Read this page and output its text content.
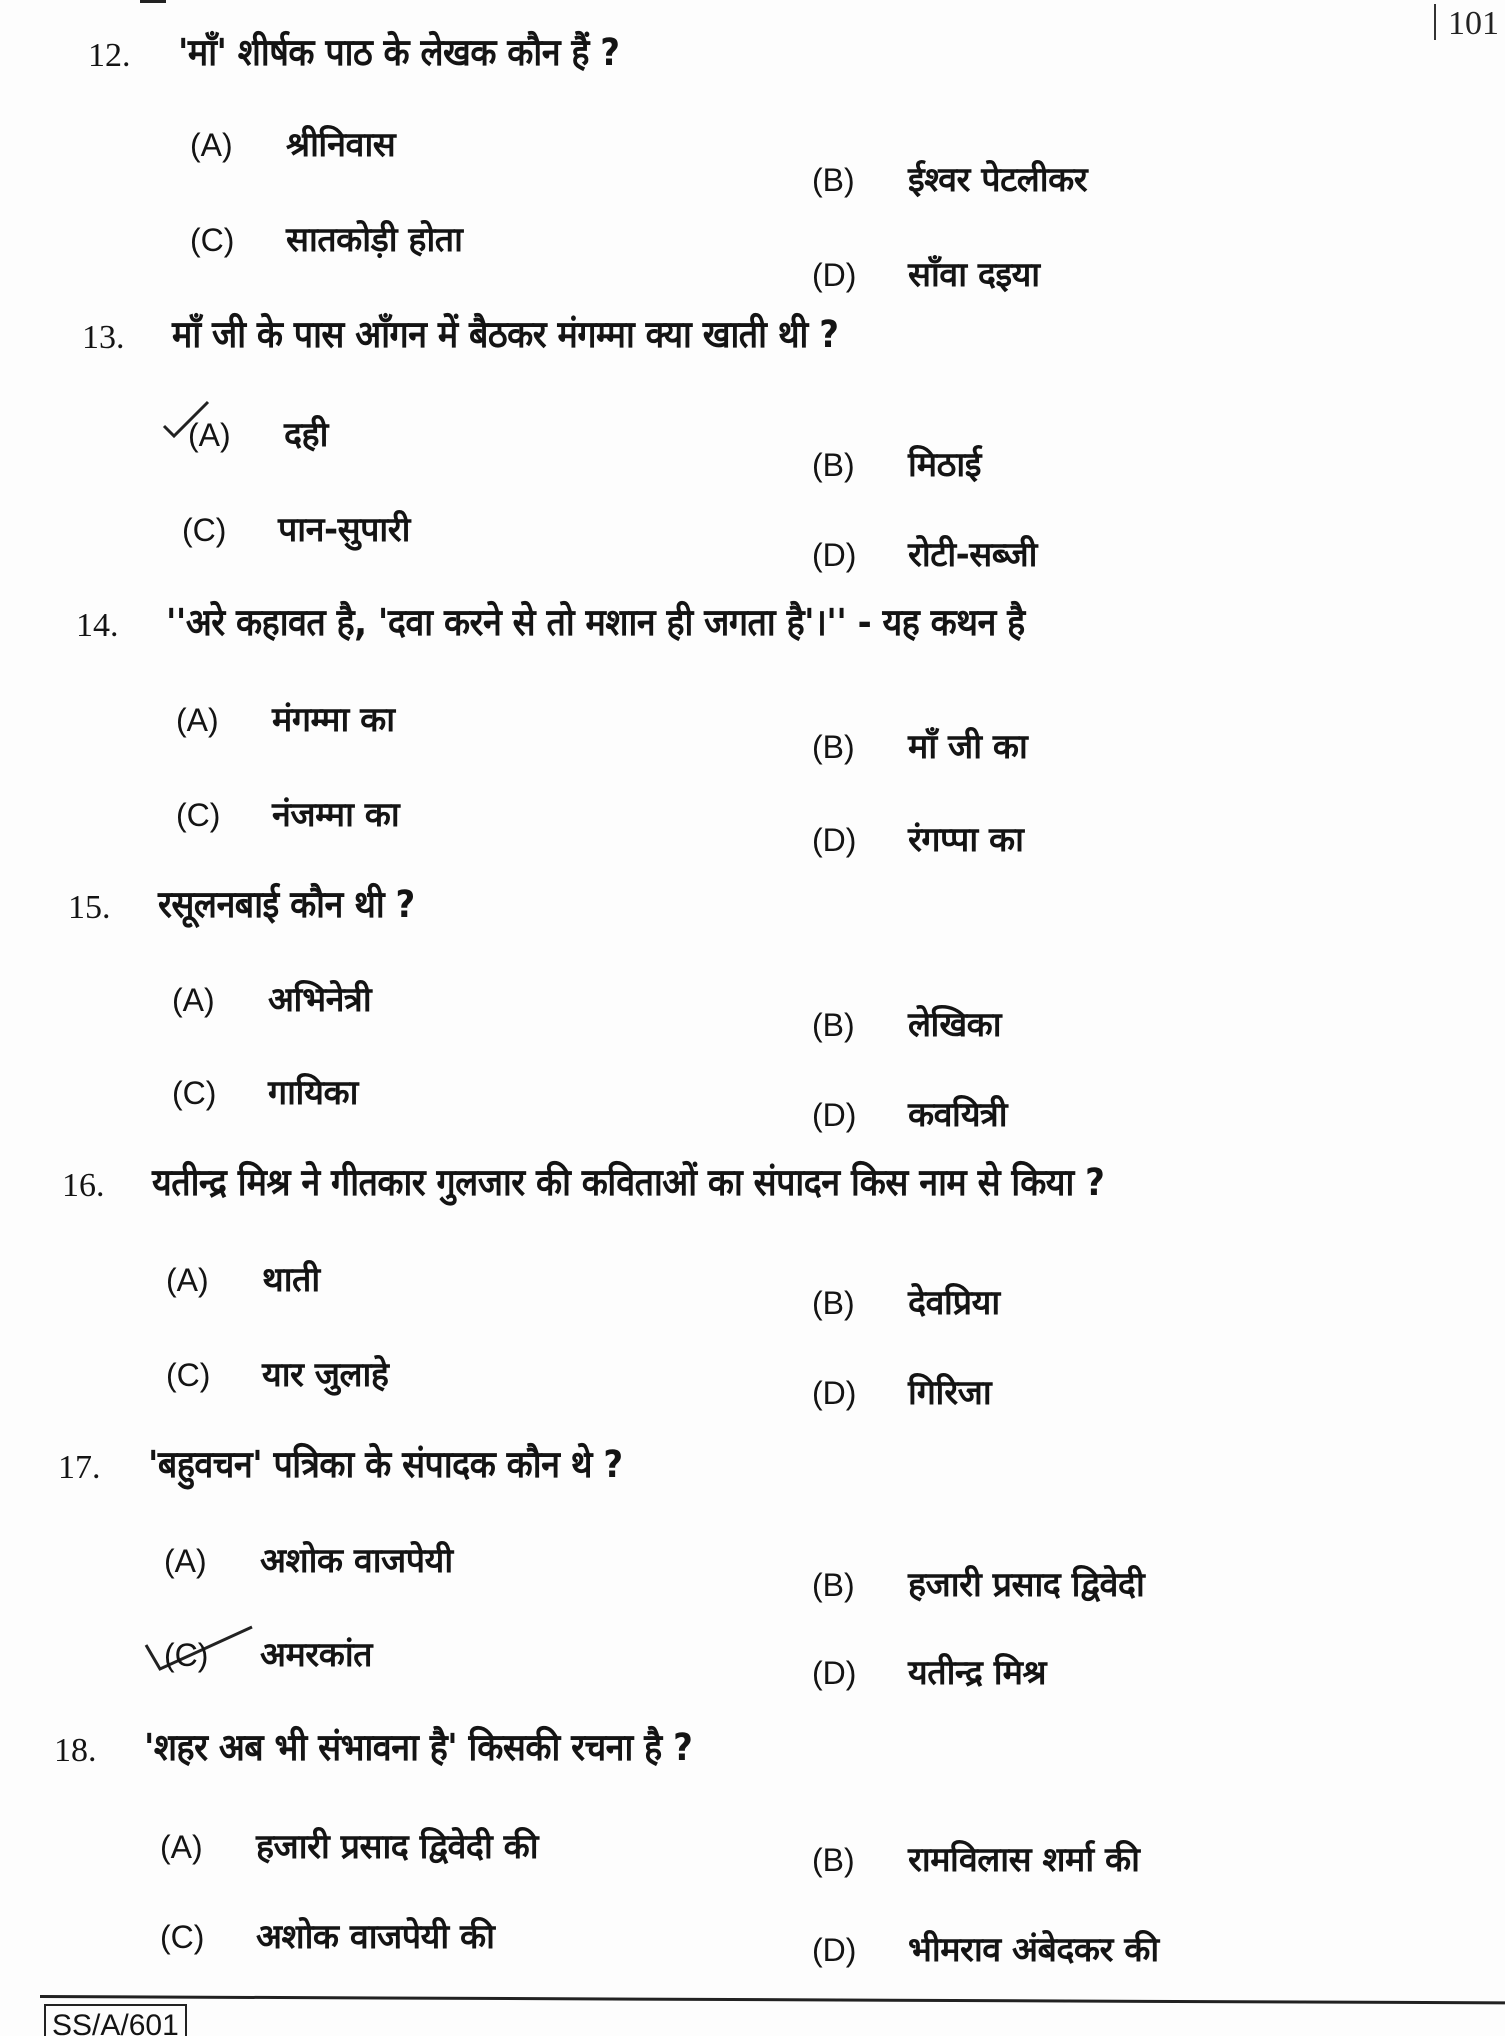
101
12.	'माँ' शीर्षक पाठ के लेखक कौन हैं ?
(A)	श्रीनिवास
(B)	ईश्वर पेटलीकर
(C)	सातकोड़ी होता
(D)	साँवा दइया
13.	माँ जी के पास आँगन में बैठकर मंगम्मा क्या खाती थी ?
(A)	दही
(B)	मिठाई
(C)	पान-सुपारी
(D)	रोटी-सब्जी
14.	''अरे कहावत है, 'दवा करने से तो मशान ही जगता है'।'' - यह कथन है
(A)	मंगम्मा का
(B)	माँ जी का
(C)	नंजम्मा का
(D)	रंगप्पा का
15.	रसूलनबाई कौन थी ?
(A)	अभिनेत्री
(B)	लेखिका
(C)	गायिका
(D)	कवयित्री
16.	यतीन्द्र मिश्र ने गीतकार गुलजार की कविताओं का संपादन किस नाम से किया ?
(A)	थाती
(B)	देवप्रिया
(C)	यार जुलाहे	(D)	गिरिजा
17.	'बहुवचन' पत्रिका के संपादक कौन थे ?
(A)	अशोक वाजपेयी
(B)	हजारी प्रसाद द्विवेदी
(C)	अमरकांत	(D)	यतीन्द्र मिश्र
18.	'शहर अब भी संभावना है' किसकी रचना है ?
(A)	हजारी प्रसाद द्विवेदी की	(B)	रामविलास शर्मा की
(C)	अशोक वाजपेयी की	(D)	भीमराव अंबेदकर की
SS/A/601
